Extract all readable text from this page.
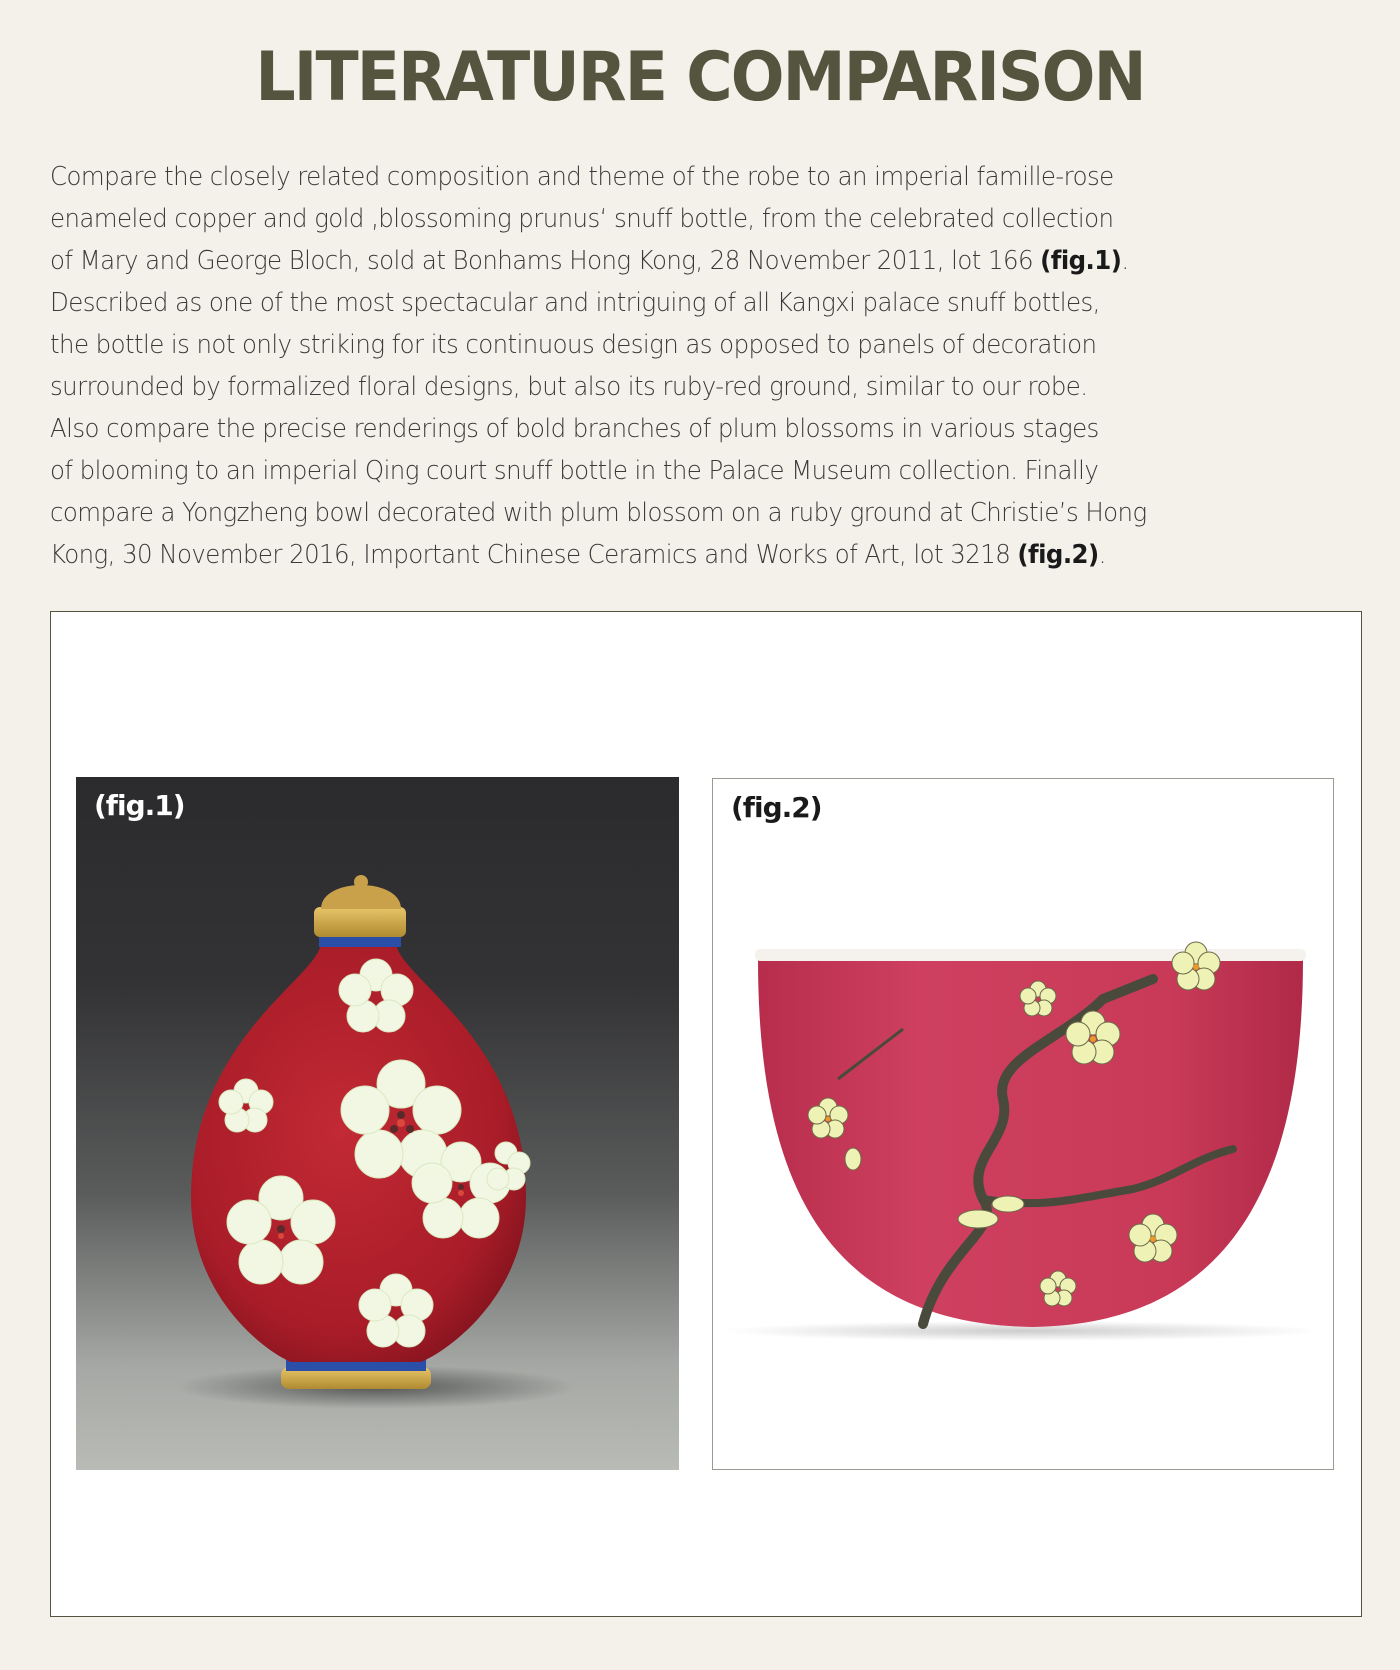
LITERATURE COMPARISON
Compare the closely related composition and theme of the robe to an imperial famille-rose
enameled copper and gold ‚blossoming prunus‘ snuff bottle, from the celebrated collection
of Mary and George Bloch, sold at Bonhams Hong Kong, 28 November 2011, lot 166 (fig.1).
Described as one of the most spectacular and intriguing of all Kangxi palace snuff bottles,
the bottle is not only striking for its continuous design as opposed to panels of decoration
surrounded by formalized floral designs, but also its ruby-red ground, similar to our robe.
Also compare the precise renderings of bold branches of plum blossoms in various stages
of blooming to an imperial Qing court snuff bottle in the Palace Museum collection. Finally
compare a Yongzheng bowl decorated with plum blossom on a ruby ground at Christie’s Hong
Kong, 30 November 2016, Important Chinese Ceramics and Works of Art, lot 3218 (fig.2).
(fig.1)	(fig.2)
